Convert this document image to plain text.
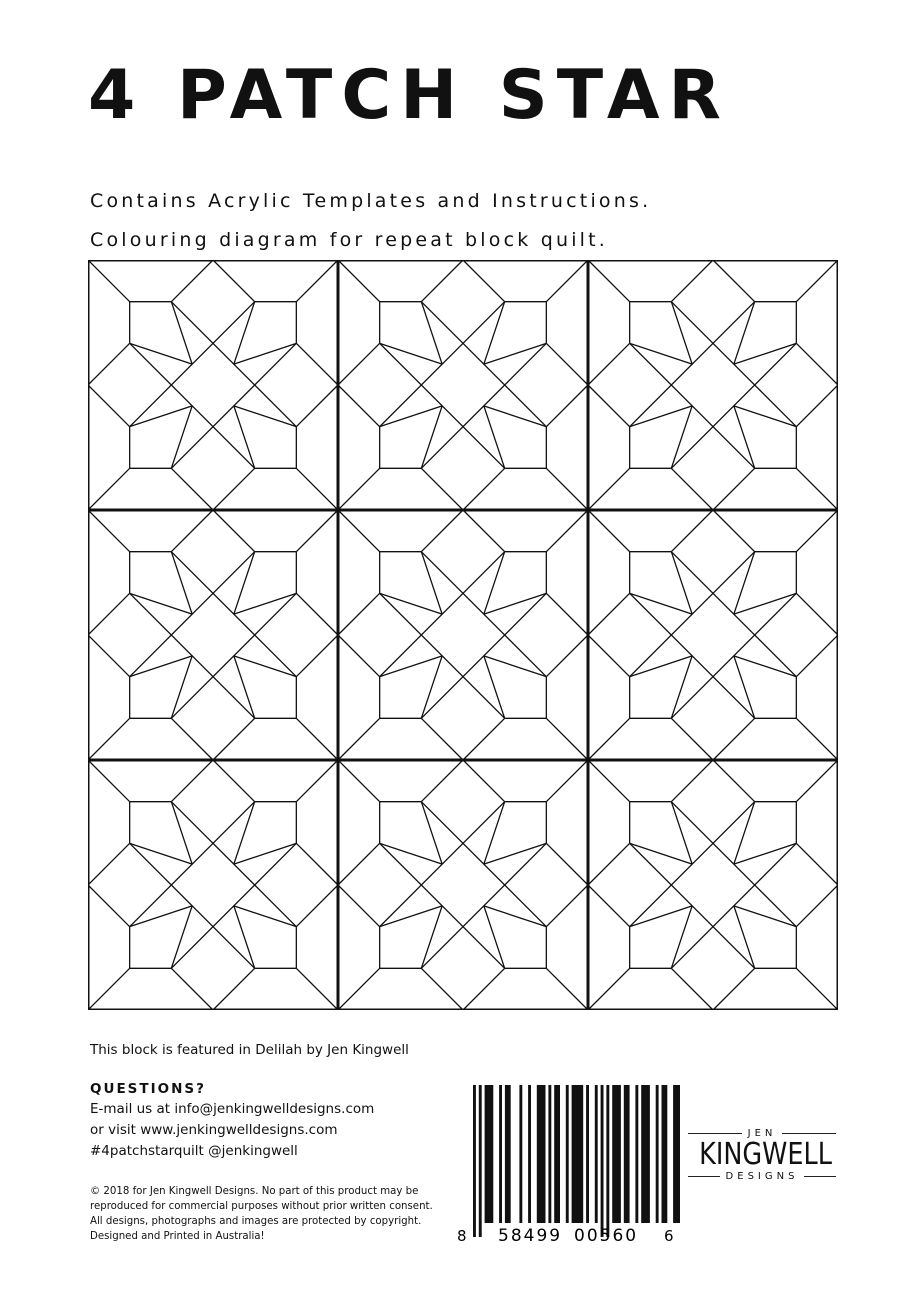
4 PATCH STAR
Contains Acrylic Templates and Instructions.
Colouring diagram for repeat block quilt.
This block is featured in Delilah by Jen Kingwell
QUESTIONS?
E-mail us at info@jenkingwelldesigns.com
or visit www.jenkingwelldesigns.com
#4patchstarquilt @jenkingwell
© 2018 for Jen Kingwell Designs. No part of this product may be
reproduced for commercial purposes without prior written consent.
All designs, photographs and images are protected by copyright.
Designed and Printed in Australia!	8 58499 00560 6
JEN
KINGWELL
DESIGNS
